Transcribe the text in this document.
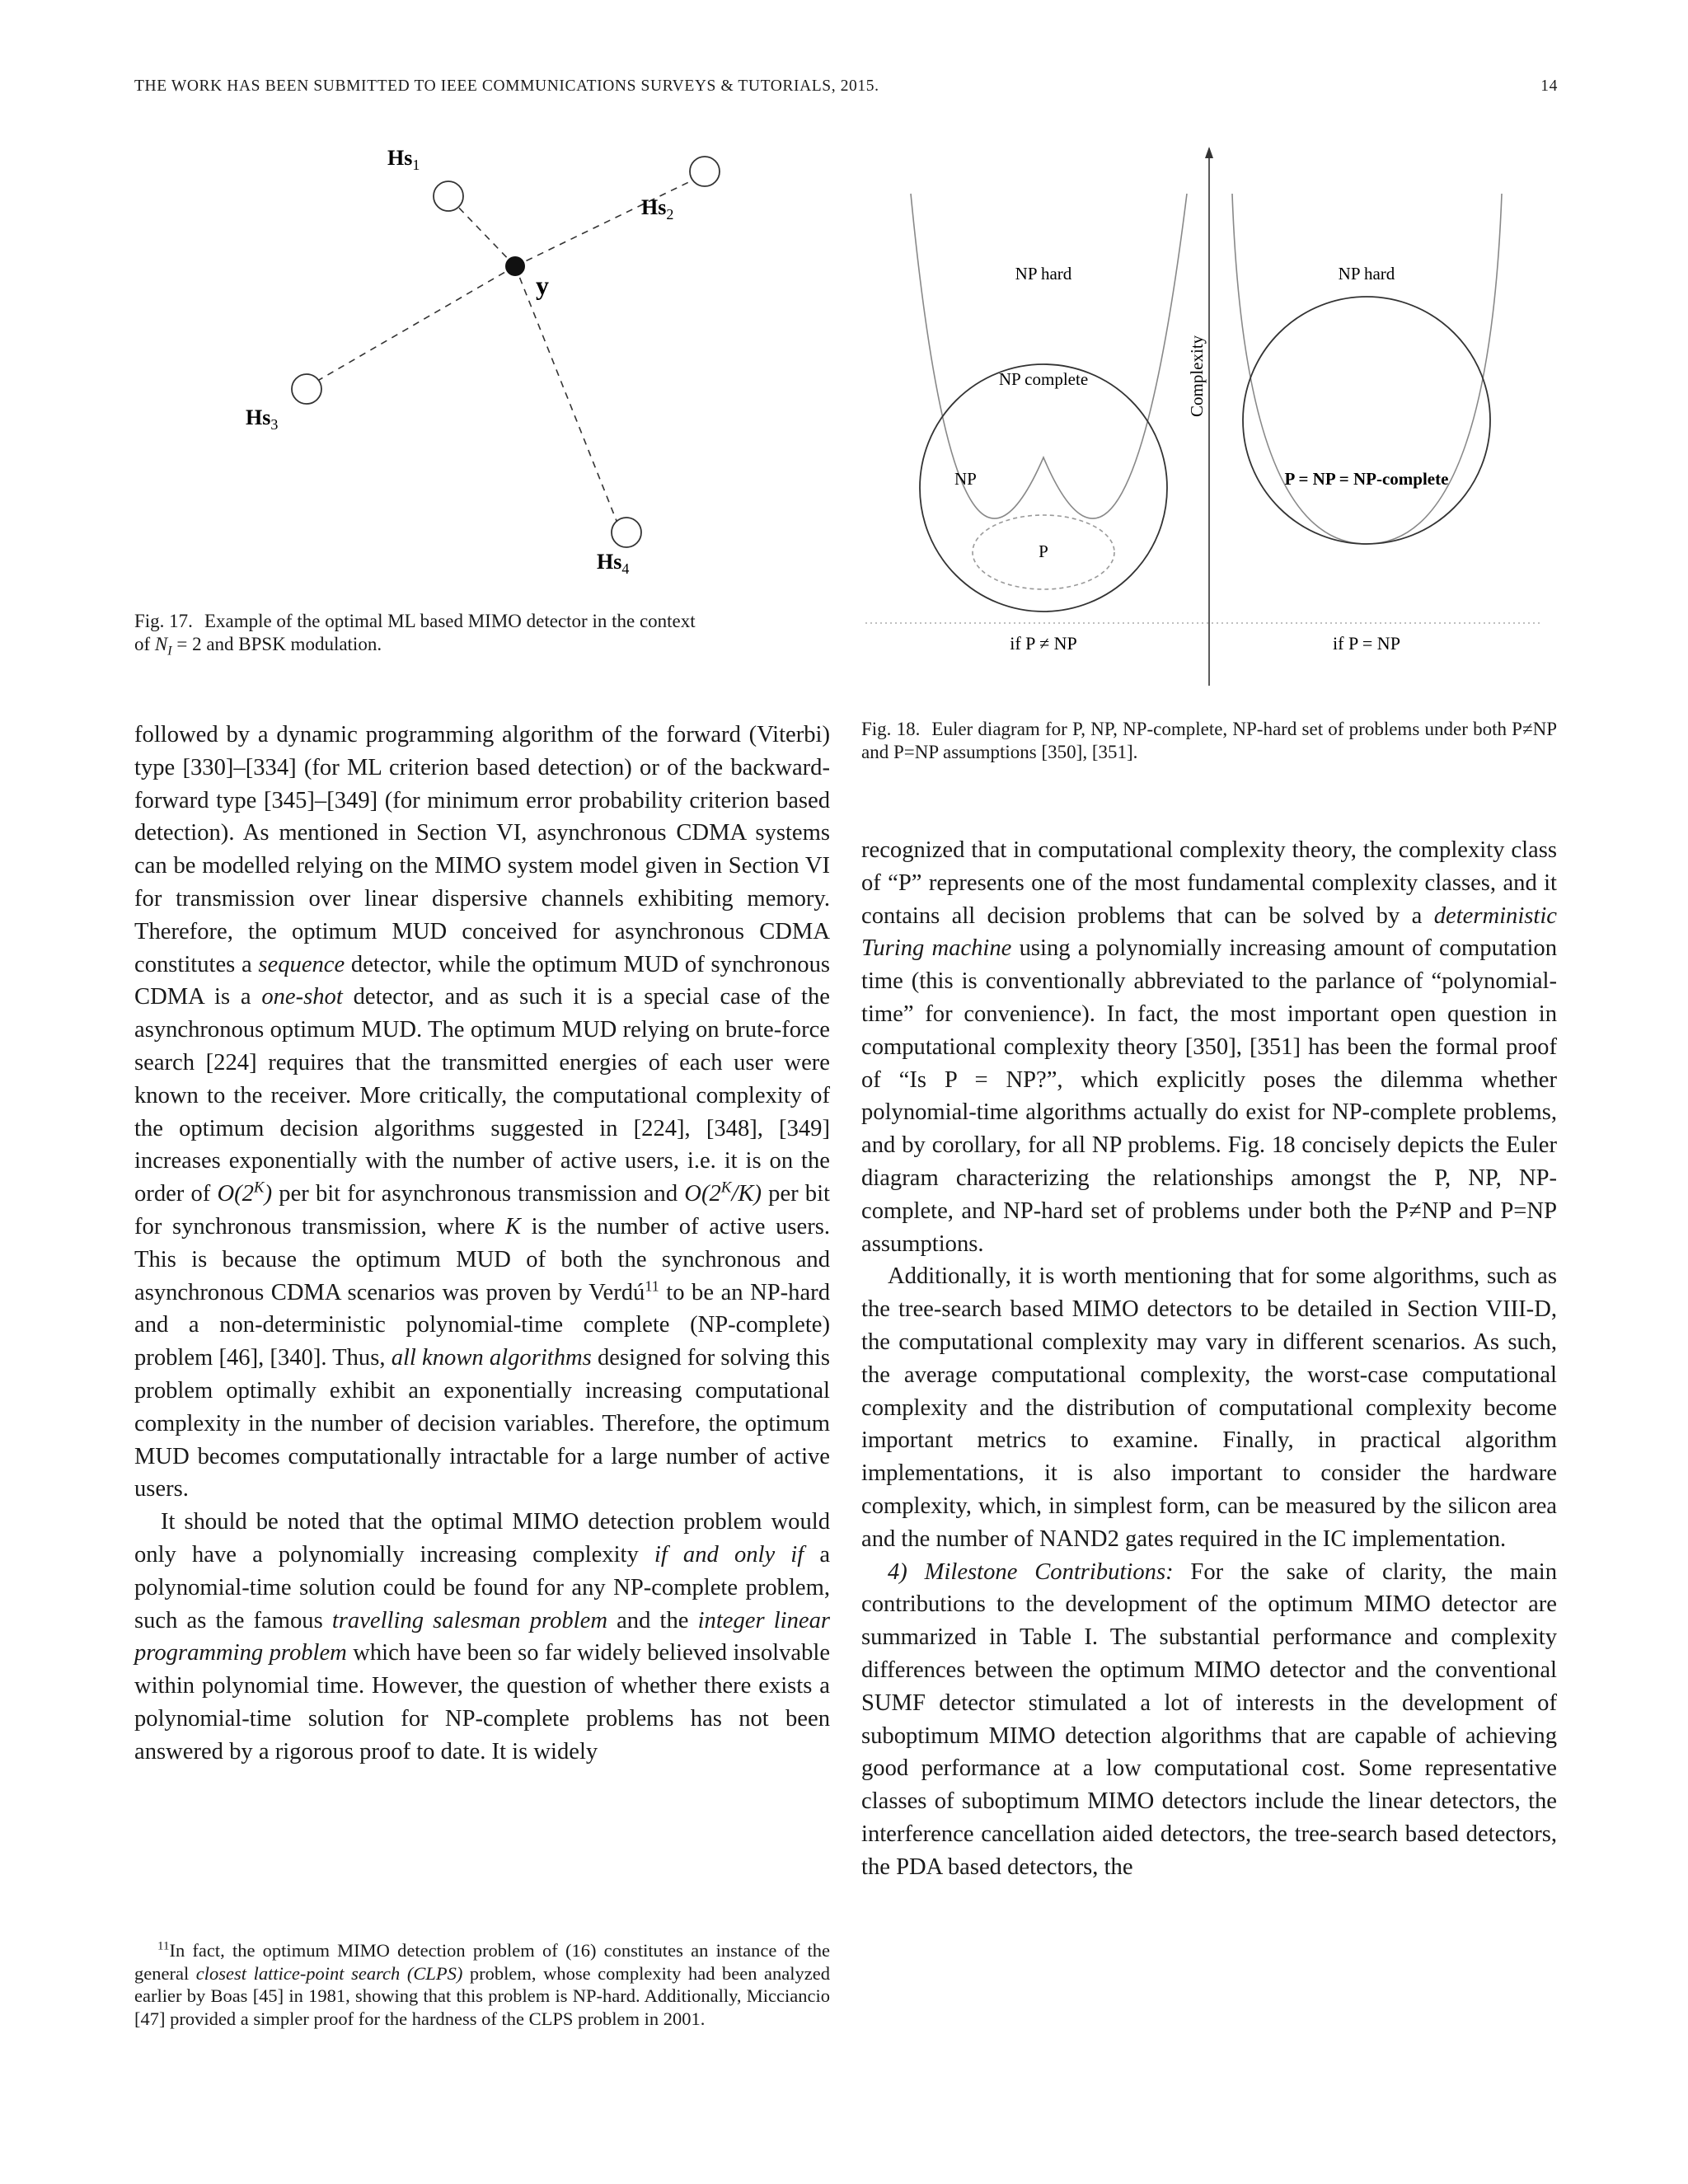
THE WORK HAS BEEN SUBMITTED TO IEEE COMMUNICATIONS SURVEYS & TUTORIALS, 2015.	14
$Hs_1$
$Hs_2$
$Hs_3$
$Hs_4$
y
Fig. 17. Example of the optimal ML based MIMO detector in the context
of $N_I = 2$ and BPSK modulation.
Complexity
NP hard
NP complete
NP
P
if P ≠ NP
NP hard
P = NP = NP-complete
if P = NP
Fig. 18. Euler diagram for P, NP, NP-complete, NP-hard set of problems under both P≠NP and P=NP assumptions [350], [351].

followed by a dynamic programming algorithm of the forward (Viterbi) type [330]–[334] (for ML criterion based detection) or of the backward-forward type [345]–[349] (for minimum error probability criterion based detection). As mentioned in Section VI, asynchronous CDMA systems can be modelled relying on the MIMO system model given in Section VI for transmission over linear dispersive channels exhibiting memory. Therefore, the optimum MUD conceived for asynchronous CDMA constitutes a sequence detector, while the optimum MUD of synchronous CDMA is a one-shot detector, and as such it is a special case of the asynchronous optimum MUD. The optimum MUD relying on brute-force search [224] requires that the transmitted energies of each user were known to the receiver. More critically, the computational complexity of the optimum decision algorithms suggested in [224], [348], [349] increases exponentially with the number of active users, i.e. it is on the order of $O(2^K)$ per bit for asynchronous transmission and $O(2^K/K)$ per bit for synchronous transmission, where K is the number of active users. This is because the optimum MUD of both the synchronous and asynchronous CDMA scenarios was proven by Verdú$^{11}$ to be an NP-hard and a non-deterministic polynomial-time complete (NP-complete) problem [46], [340]. Thus, all known algorithms designed for solving this problem optimally exhibit an exponentially increasing computational complexity in the number of decision variables. Therefore, the optimum MUD becomes computationally intractable for a large number of active users.

It should be noted that the optimal MIMO detection problem would only have a polynomially increasing complexity if and only if a polynomial-time solution could be found for any NP-complete problem, such as the famous travelling salesman problem and the integer linear programming problem which have been so far widely believed insolvable within polynomial time. However, the question of whether there exists a polynomial-time solution for NP-complete problems has not been answered by a rigorous proof to date. It is widely

$^{11}$In fact, the optimum MIMO detection problem of (16) constitutes an instance of the general closest lattice-point search (CLPS) problem, whose complexity had been analyzed earlier by Boas [45] in 1981, showing that this problem is NP-hard. Additionally, Micciancio [47] provided a simpler proof for the hardness of the CLPS problem in 2001.

recognized that in computational complexity theory, the complexity class of “P” represents one of the most fundamental complexity classes, and it contains all decision problems that can be solved by a deterministic Turing machine using a polynomially increasing amount of computation time (this is conventionally abbreviated to the parlance of “polynomial-time” for convenience). In fact, the most important open question in computational complexity theory [350], [351] has been the formal proof of “Is P = NP?”, which explicitly poses the dilemma whether polynomial-time algorithms actually do exist for NP-complete problems, and by corollary, for all NP problems. Fig. 18 concisely depicts the Euler diagram characterizing the relationships amongst the P, NP, NP-complete, and NP-hard set of problems under both the P≠NP and P=NP assumptions.

Additionally, it is worth mentioning that for some algorithms, such as the tree-search based MIMO detectors to be detailed in Section VIII-D, the computational complexity may vary in different scenarios. As such, the average computational complexity, the worst-case computational complexity and the distribution of computational complexity become important metrics to examine. Finally, in practical algorithm implementations, it is also important to consider the hardware complexity, which, in simplest form, can be measured by the silicon area and the number of NAND2 gates required in the IC implementation.

4) Milestone Contributions: For the sake of clarity, the main contributions to the development of the optimum MIMO detector are summarized in Table I. The substantial performance and complexity differences between the optimum MIMO detector and the conventional SUMF detector stimulated a lot of interests in the development of suboptimum MIMO detection algorithms that are capable of achieving good performance at a low computational cost. Some representative classes of suboptimum MIMO detectors include the linear detectors, the interference cancellation aided detectors, the tree-search based detectors, the PDA based detectors, the
